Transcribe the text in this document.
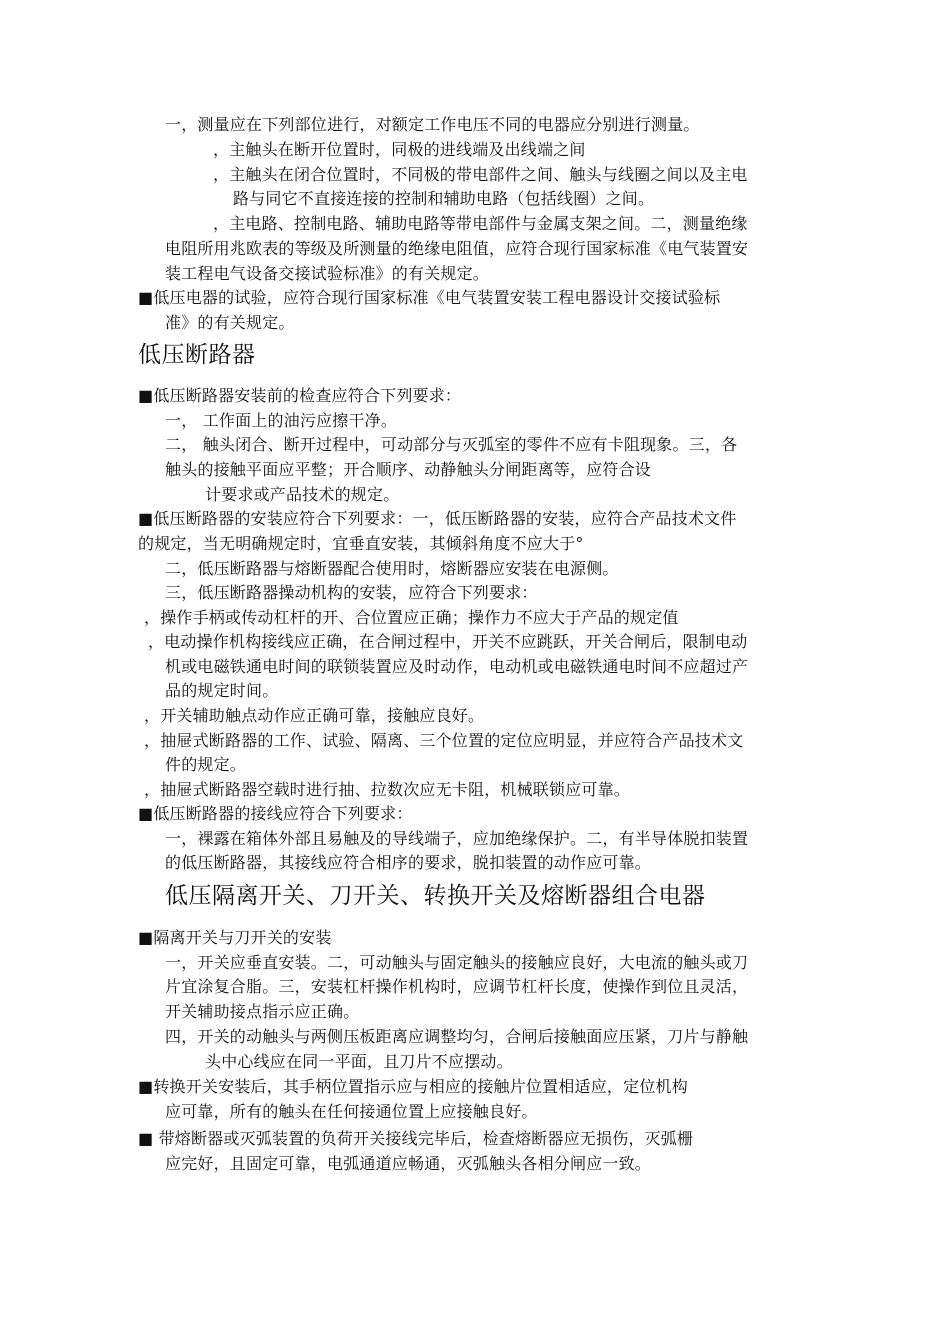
一，测量应在下列部位进行，对额定工作电压不同的电器应分别进行测量。
，主触头在断开位置时，同极的进线端及出线端之间
，主触头在闭合位置时，不同极的带电部件之间、触头与线圈之间以及主电
路与同它不直接连接的控制和辅助电路（包括线圈）之间。
，主电路、控制电路、辅助电路等带电部件与金属支架之间。二，测量绝缘
电阻所用兆欧表的等级及所测量的绝缘电阻值，应符合现行国家标准《电气装置安
装工程电气设备交接试验标准》的有关规定。
■低压电器的试验，应符合现行国家标准《电气装置安装工程电器设计交接试验标
准》的有关规定。
低压断路器
■低压断路器安装前的检查应符合下列要求：
一， 工作面上的油污应擦干净。
二， 触头闭合、断开过程中，可动部分与灭弧室的零件不应有卡阻现象。三，各
触头的接触平面应平整；开合顺序、动静触头分闸距离等，应符合设
计要求或产品技术的规定。
■低压断路器的安装应符合下列要求：一，低压断路器的安装，应符合产品技术文件
的规定，当无明确规定时，宜垂直安装，其倾斜角度不应大于°
二，低压断路器与熔断器配合使用时，熔断器应安装在电源侧。
三，低压断路器操动机构的安装，应符合下列要求：
，操作手柄或传动杠杆的开、合位置应正确；操作力不应大于产品的规定值
，电动操作机构接线应正确，在合闸过程中，开关不应跳跃，开关合闸后，限制电动
机或电磁铁通电时间的联锁装置应及时动作，电动机或电磁铁通电时间不应超过产
品的规定时间。
，开关辅助触点动作应正确可靠，接触应良好。
，抽屉式断路器的工作、试验、隔离、三个位置的定位应明显，并应符合产品技术文
件的规定。
，抽屉式断路器空载时进行抽、拉数次应无卡阻，机械联锁应可靠。
■低压断路器的接线应符合下列要求：
一，裸露在箱体外部且易触及的导线端子，应加绝缘保护。二，有半导体脱扣装置
的低压断路器，其接线应符合相序的要求，脱扣装置的动作应可靠。
低压隔离开关、刀开关、转换开关及熔断器组合电器
■隔离开关与刀开关的安装
一，开关应垂直安装。二，可动触头与固定触头的接触应良好，大电流的触头或刀
片宜涂复合脂。三，安装杠杆操作机构时，应调节杠杆长度，使操作到位且灵活，
开关辅助接点指示应正确。
四，开关的动触头与两侧压板距离应调整均匀，合闸后接触面应压紧，刀片与静触
头中心线应在同一平面，且刀片不应摆动。
■转换开关安装后，其手柄位置指示应与相应的接触片位置相适应，定位机构
应可靠，所有的触头在任何接通位置上应接触良好。
■ 带熔断器或灭弧装置的负荷开关接线完毕后，检查熔断器应无损伤，灭弧栅
应完好，且固定可靠，电弧通道应畅通，灭弧触头各相分闸应一致。
